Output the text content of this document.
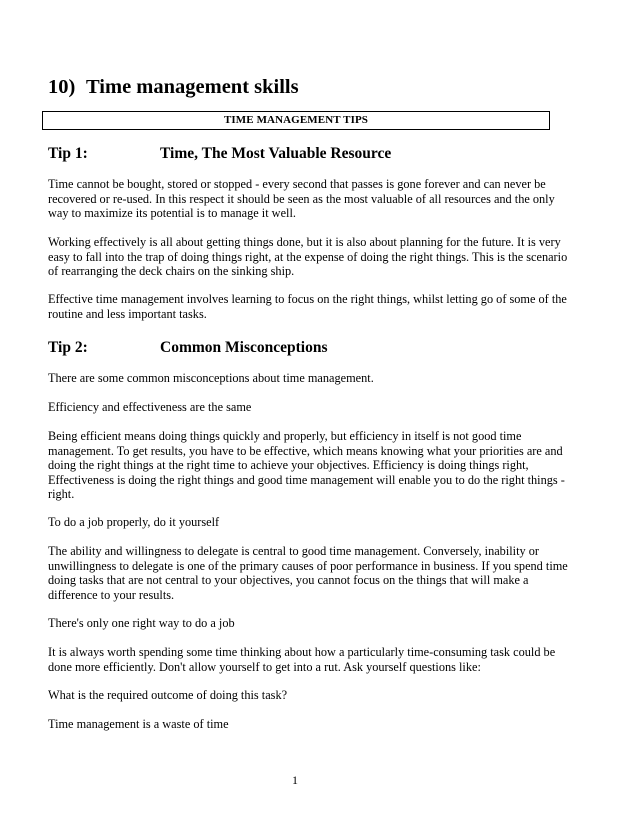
10) Time management skills
TIME MANAGEMENT TIPS
Tip 1:	Time, The Most Valuable Resource

Time cannot be bought, stored or stopped - every second that passes is gone forever and can never be recovered or re-used. In this respect it should be seen as the most valuable of all resources and the only way to maximize its potential is to manage it well.

Working effectively is all about getting things done, but it is also about planning for the future. It is very easy to fall into the trap of doing things right, at the expense of doing the right things. This is the scenario of rearranging the deck chairs on the sinking ship.

Effective time management involves learning to focus on the right things, whilst letting go of some of the routine and less important tasks.

Tip 2:	Common Misconceptions

There are some common misconceptions about time management.

Efficiency and effectiveness are the same

Being efficient means doing things quickly and properly, but efficiency in itself is not good time management. To get results, you have to be effective, which means knowing what your priorities are and doing the right things at the right time to achieve your objectives. Efficiency is doing things right, Effectiveness is doing the right things and good time management will enable you to do the right things - right.

To do a job properly, do it yourself

The ability and willingness to delegate is central to good time management. Conversely, inability or unwillingness to delegate is one of the primary causes of poor performance in business. If you spend time doing tasks that are not central to your objectives, you cannot focus on the things that will make a difference to your results.

There's only one right way to do a job

It is always worth spending some time thinking about how a particularly time-consuming task could be done more efficiently. Don't allow yourself to get into a rut. Ask yourself questions like:

What is the required outcome of doing this task?

Time management is a waste of time

1
